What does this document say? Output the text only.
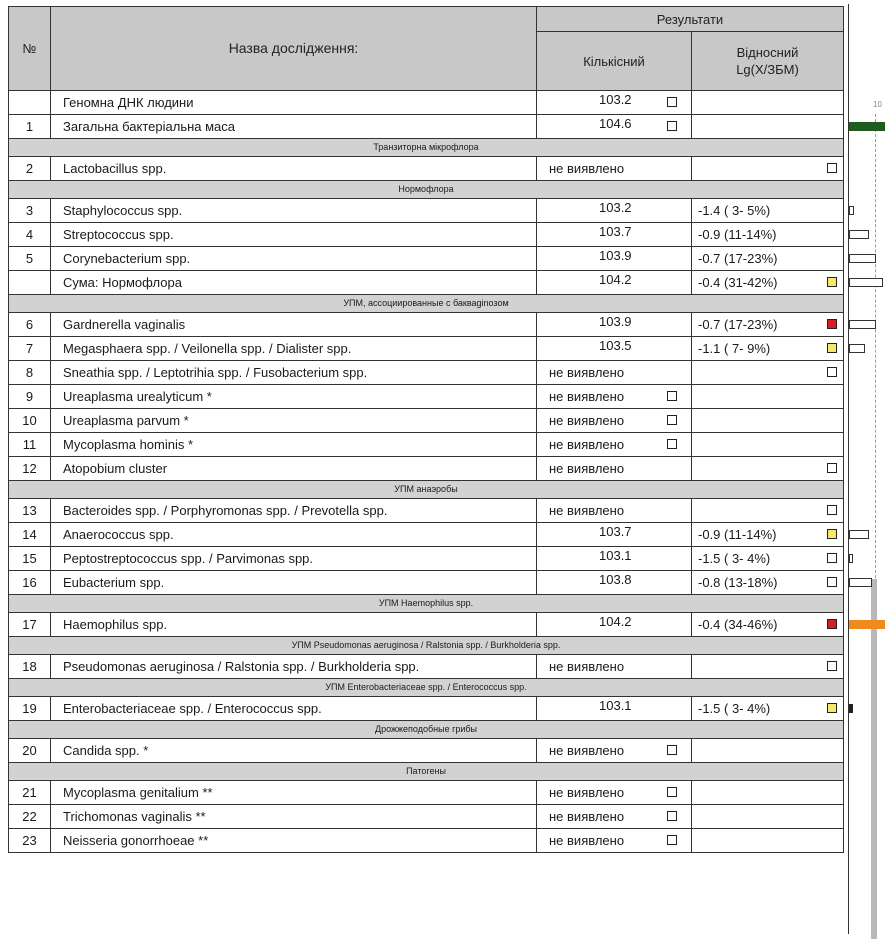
№	Назва дослідження:	Результати	
		Кількісний	Відносний
Lg(X/ЗБМ)
	Геномна ДНК людини	103.2	

1	Загальна бактеріальна маса	104.6	

Транзиторна мікрофлора			
2	Lactobacillus spp.	не виявлено	

Нормофлора			
3	Staphylococcus spp.	103.2	-1.4 ( 3- 5%)
4	Streptococcus spp.	103.7	-0.9 (11-14%)
5	Corynebacterium spp.	103.9	-0.7 (17-23%)
	Сума: Нормофлора	104.2	-0.4 (31-42%)

УПМ, ассоциированные с бакваginозом			
6	Gardnerella vaginalis	103.9	-0.7 (17-23%)

7	Megasphaera spp. / Veilonella spp. / Dialister spp.	103.5	-1.1 ( 7- 9%)

8	Sneathia spp. / Leptotrihia spp. / Fusobacterium spp.	не виявлено	

9	Ureaplasma urealyticum *	не виявлено

10	Ureaplasma parvum *	не виявлено

11	Mycoplasma hominis *	не виявлено

12	Atopobium cluster	не виявлено	

УПМ анаэробы			
13	Bacteroides spp. / Porphyromonas spp. / Prevotella spp.	не виявлено	

14	Anaerococcus spp.	103.7	-0.9 (11-14%)

15	Peptostreptococcus spp. / Parvimonas spp.	103.1	-1.5 ( 3- 4%)

16	Eubacterium spp.	103.8	-0.8 (13-18%)

УПМ Haemophilus spp.			
17	Haemophilus spp.	104.2	-0.4 (34-46%)

УПМ Pseudomonas aeruginosa / Ralstonia spp. / Burkholderia spp.			
18	Pseudomonas aeruginosa / Ralstonia spp. / Burkholderia spp.	не виявлено	

УПМ Enterobacteriaceae spp. / Enterococcus spp.			
19	Enterobacteriaceae spp. / Enterococcus spp.	103.1	-1.5 ( 3- 4%)

Дрожжеподобные грибы			
20	Candida spp. *	не виявлено

Патогены			
21	Mycoplasma genitalium **	не виявлено

22	Trichomonas vaginalis **	не виявлено

23	Neisseria gonorrhoeae **	не виявлено

10
